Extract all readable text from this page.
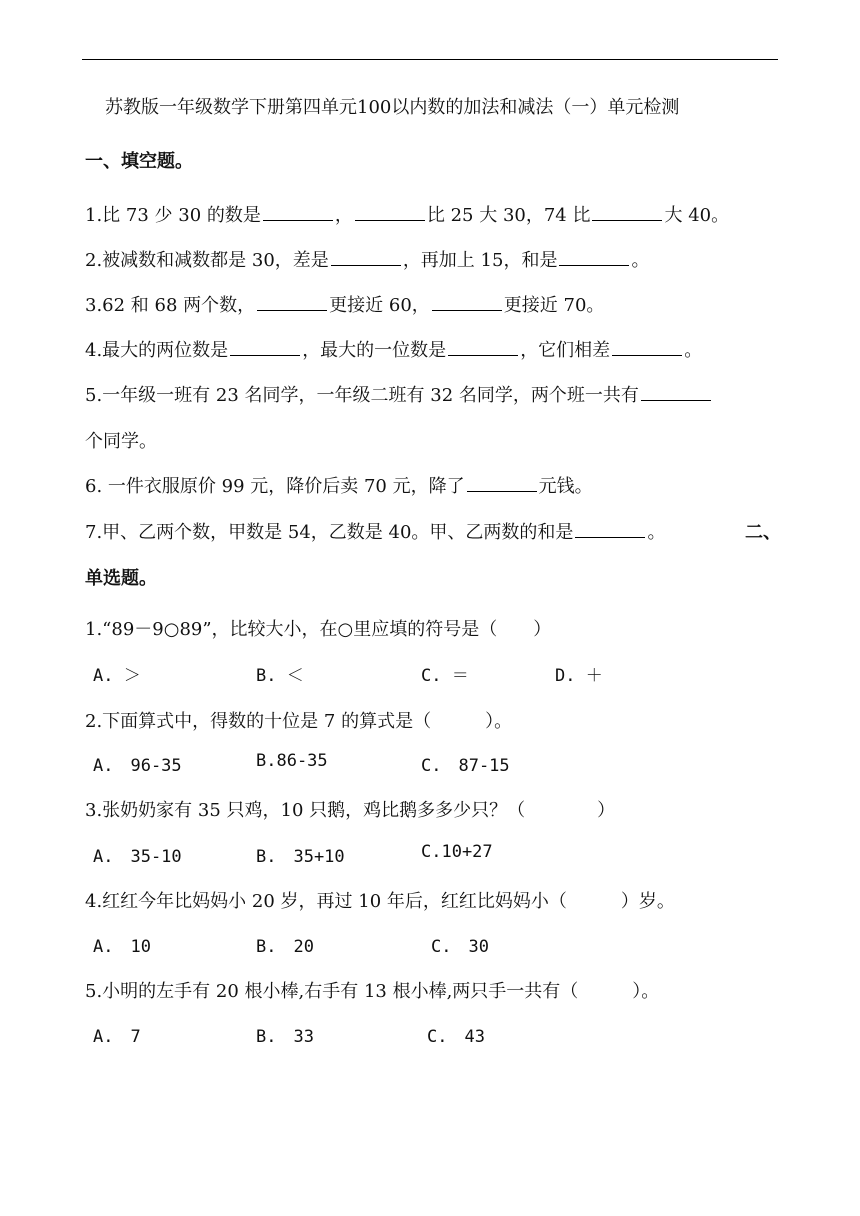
苏教版一年级数学下册第四单元100以内数的加法和减法（一）单元检测
一、填空题。
1.比 73 少 30 的数是	，	比 25 大 30，74 比	大 40。
2.被减数和减数都是 30，差是	，再加上 15，和是	。
3.62 和 68 两个数，	更接近 60，	更接近 70。
4.最大的两位数是	，最大的一位数是	，它们相差	。
5.一年级一班有 23 名同学，一年级二班有 32 名同学，两个班一共有
个同学。
6. 一件衣服原价 99 元，降价后卖 70 元，降了	元钱。
7.甲、乙两个数，甲数是 54，乙数是 40。甲、乙两数的和是	。	二、
单选题。
1.“89－9○89”，比较大小，在○里应填的符号是（　　）
A. ＞	B. ＜	C. ＝	D. ＋
2.下面算式中，得数的十位是 7 的算式是（　　　）。
A.　96-35	B.86-35	C.　87-15
3.张奶奶家有 35 只鸡，10 只鹅，鸡比鹅多多少只？（　　　　）
A.　35-10	B.　35+10	C.10+27
4.红红今年比妈妈小 20 岁，再过 10 年后，红红比妈妈小（　　　）岁。
A.　10	B.　20	C.　30
5.小明的左手有 20 根小棒,右手有 13 根小棒,两只手一共有（　　　）。
A.　7	B.　33	C.　43
